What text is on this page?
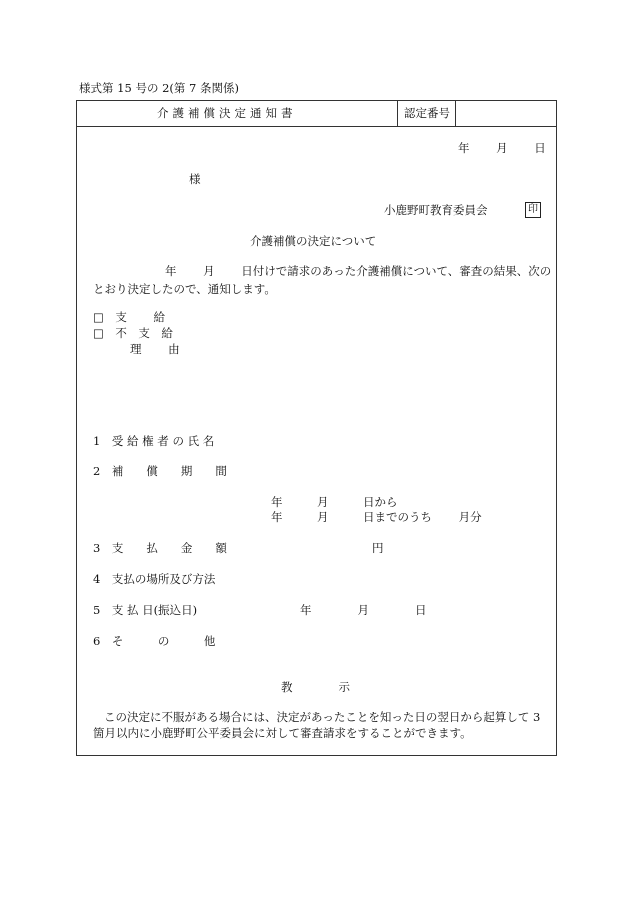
様式第 15 号の 2(第 7 条関係)
介護補償決定通知書	認定番号
年　　 月　　 日
様
小鹿野町教育委員会	印
介護補償の決定について
年　　 月　　 日付けで請求のあった介護補償について、審査の結果、次の
とおり決定したので、通知します。
□　支　　 給
□　不　支　給
理　　 由
1　受 給 権 者 の 氏 名
2　補　　償　　期　　間
年　　　月　　　日から
年　　　月　　　日までのうち　　 月分
3　支　　払　　金　　額	円
4　支払の場所及び方法
5　支 払 日(振込日)	年　　　　月　　　　日
6　そ　　　の　　　他
教　　　　示
この決定に不服がある場合には、決定があったことを知った日の翌日から起算して 3
箇月以内に小鹿野町公平委員会に対して審査請求をすることができます。
